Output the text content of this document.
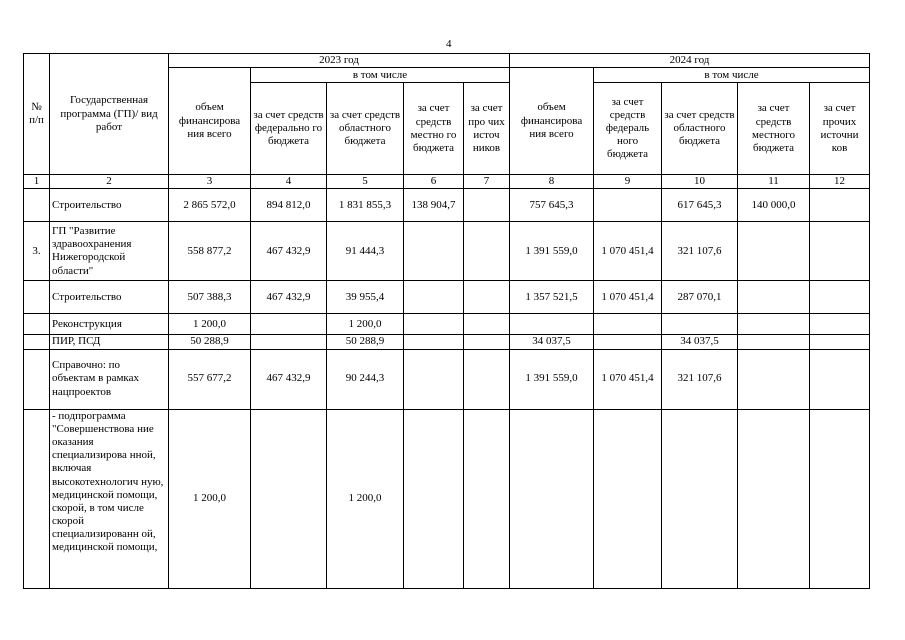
4
№ п/п	Государственная программа (ГП)/ вид работ	2023 год					2024 год				
		объем финансирова ния всего	в том числе				объем финансирова ния всего	в том числе			
			за счет средств федерально го бюджета	за счет средств областного бюджета	за счет средств местно го бюджета	за счет про чих источ ников		за счет средств федераль ного бюджета	за счет средств областного бюджета	за счет средств местного бюджета	за счет прочих источни ков
1	2	3	4	5	6	7	8	9	10	11	12
	Строительство	2 865 572,0	894 812,0	1 831 855,3	138 904,7		757 645,3		617 645,3	140 000,0	
3.	ГП "Развитие здравоохранения Нижегородской области"	558 877,2	467 432,9	91 444,3			1 391 559,0	1 070 451,4	321 107,6		
	Строительство	507 388,3	467 432,9	39 955,4			1 357 521,5	1 070 451,4	287 070,1		
	Реконструкция	1 200,0		1 200,0							
	ПИР, ПСД	50 288,9		50 288,9			34 037,5		34 037,5		
	Справочно: по объектам в рамках нацпроектов	557 677,2	467 432,9	90 244,3			1 391 559,0	1 070 451,4	321 107,6		
	- подпрограмма "Совершенствова ние оказания специализирова нной, включая высокотехнологич ную, медицинской помощи, скорой, в том числе скорой специализированн ой, медицинской помощи,	1 200,0		1 200,0							
